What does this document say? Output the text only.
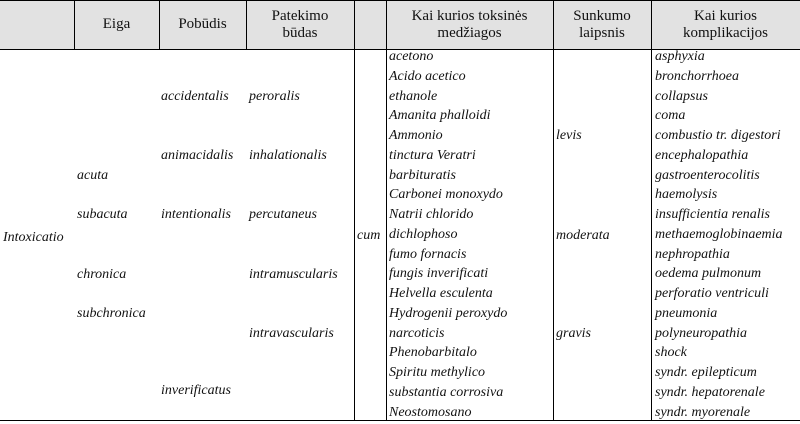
Eiga	Pobūdis
Patekimo
būdas
Kai kurios toksinės
medžiagos
Sunkumo
laipsnis
Kai kurios
komplikacijos
Intoxicatio
acuta
subacuta
chronica
subchronica
accidentalis
animacidalis
intentionalis
inverificatus
peroralis
inhalationalis
percutaneus
intramuscularis
intravascularis
cum
acetono
Acido acetico
ethanole
Amanita phalloidi
Ammonio
tinctura Veratri
barbituratis
Carbonei monoxydo
Natrii chlorido
dichlophoso
fumo fornacis
fungis inverificati
Helvella esculenta
Hydrogenii peroxydo
narcoticis
Phenobarbitalo
Spiritu methylico
substantia corrosiva
Neostomosano
levis
moderata
gravis
asphyxia
bronchorrhoea
collapsus
coma
combustio tr. digestori
encephalopathia
gastroenterocolitis
haemolysis
insufficientia renalis
methaemoglobinaemia
nephropathia
oedema pulmonum
perforatio ventriculi
pneumonia
polyneuropathia
shock
syndr. epilepticum
syndr. hepatorenale
syndr. myorenale
